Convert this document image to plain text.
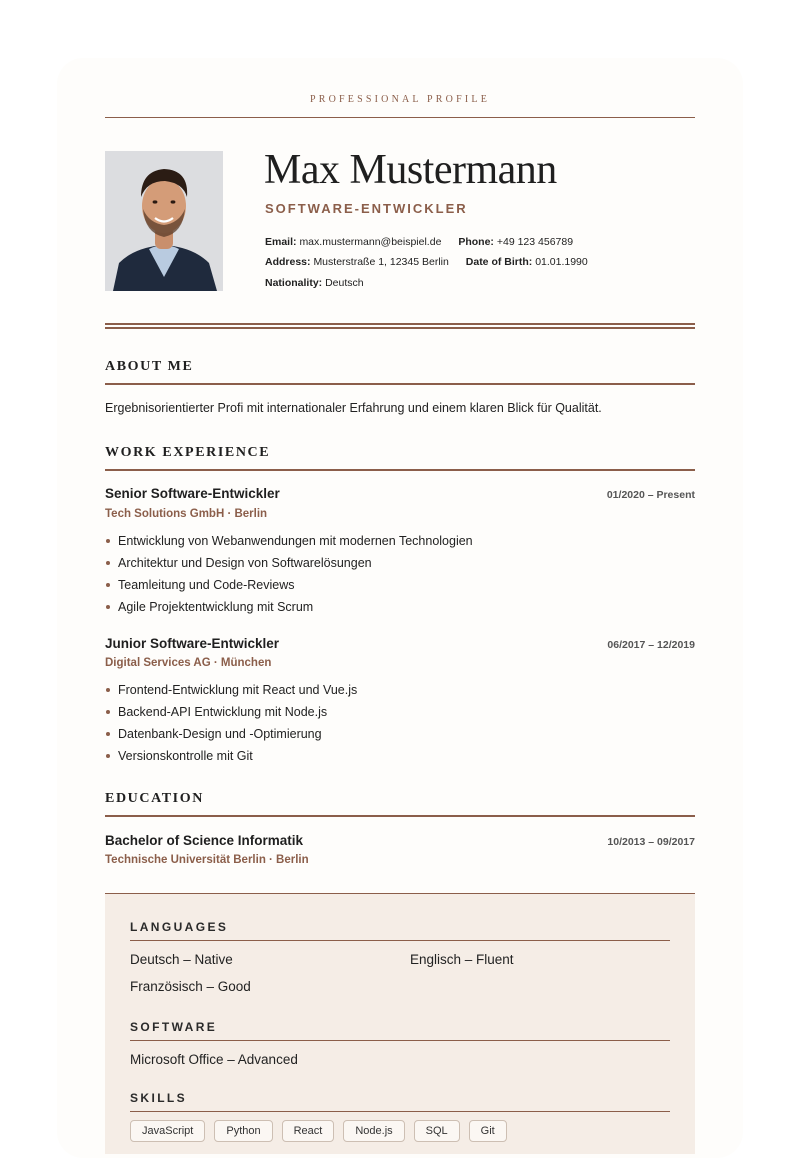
PROFESSIONAL PROFILE
Max Mustermann
SOFTWARE-ENTWICKLER
Email: max.mustermann@beispiel.de Phone: +49 123 456789
Address: Musterstraße 1, 12345 Berlin Date of Birth: 01.01.1990
Nationality: Deutsch
ABOUT ME
Ergebnisorientierter Profi mit internationaler Erfahrung und einem klaren Blick für Qualität.
WORK EXPERIENCE
Senior Software-Entwickler	01/2020 – Present
Tech Solutions GmbH · Berlin
Entwicklung von Webanwendungen mit modernen Technologien
Architektur und Design von Softwarelösungen
Teamleitung und Code-Reviews
Agile Projektentwicklung mit Scrum
Junior Software-Entwickler	06/2017 – 12/2019
Digital Services AG · München
Frontend-Entwicklung mit React und Vue.js
Backend-API Entwicklung mit Node.js
Datenbank-Design und -Optimierung
Versionskontrolle mit Git
EDUCATION
Bachelor of Science Informatik	10/2013 – 09/2017
Technische Universität Berlin · Berlin
LANGUAGES
Deutsch – Native	Englisch – Fluent
Französisch – Good
SOFTWARE
Microsoft Office – Advanced
SKILLS
JavaScript	Python	React	Node.js	SQL	Git
